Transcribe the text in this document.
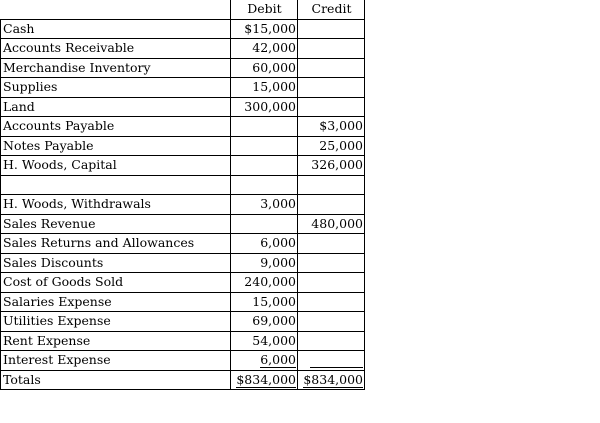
	Debit	Credit
Cash	$15,000	
Accounts Receivable	42,000	
Merchandise Inventory	60,000	
Supplies	15,000	
Land	300,000	
Accounts Payable		$3,000
Notes Payable		25,000
H. Woods, Capital		326,000

H. Woods, Withdrawals	3,000	
Sales Revenue		480,000
Sales Returns and Allowances	6,000	
Sales Discounts	9,000	
Cost of Goods Sold	240,000	
Salaries Expense	15,000	
Utilities Expense	69,000	
Rent Expense	54,000	
Interest Expense	6,000	

Totals	$834,000	$834,000
